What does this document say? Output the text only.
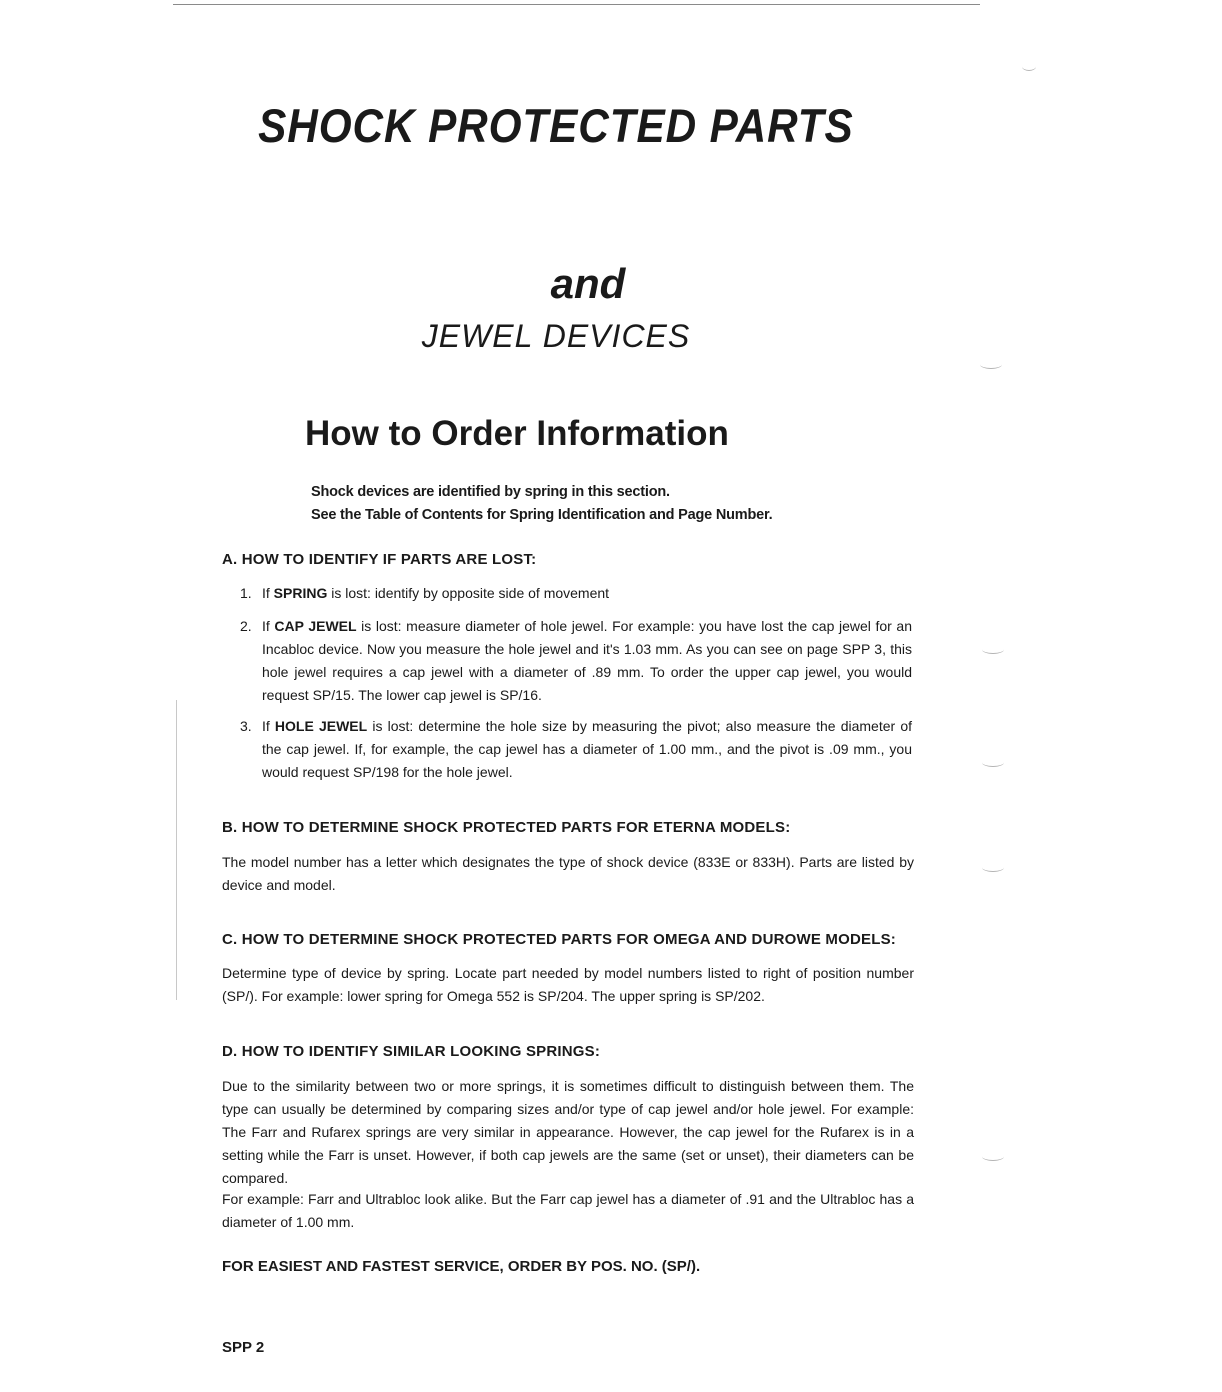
SHOCK PROTECTED PARTS
and
JEWEL DEVICES
How to Order Information
Shock devices are identified by spring in this section.
See the Table of Contents for Spring Identification and Page Number.
A. HOW TO IDENTIFY IF PARTS ARE LOST:
1. If SPRING is lost: identify by opposite side of movement
2. If CAP JEWEL is lost: measure diameter of hole jewel. For example: you have lost the cap jewel for an Incabloc device. Now you measure the hole jewel and it's 1.03 mm. As you can see on page SPP 3, this hole jewel requires a cap jewel with a diameter of .89 mm. To order the upper cap jewel, you would request SP/15. The lower cap jewel is SP/16.
3. If HOLE JEWEL is lost: determine the hole size by measuring the pivot; also measure the diameter of the cap jewel. If, for example, the cap jewel has a diameter of 1.00 mm., and the pivot is .09 mm., you would request SP/198 for the hole jewel.
B. HOW TO DETERMINE SHOCK PROTECTED PARTS FOR ETERNA MODELS:
The model number has a letter which designates the type of shock device (833E or 833H). Parts are listed by device and model.
C. HOW TO DETERMINE SHOCK PROTECTED PARTS FOR OMEGA AND DUROWE MODELS:
Determine type of device by spring. Locate part needed by model numbers listed to right of position number (SP/). For example: lower spring for Omega 552 is SP/204. The upper spring is SP/202.
D. HOW TO IDENTIFY SIMILAR LOOKING SPRINGS:
Due to the similarity between two or more springs, it is sometimes difficult to distinguish between them. The type can usually be determined by comparing sizes and/or type of cap jewel and/or hole jewel. For example: The Farr and Rufarex springs are very similar in appearance. However, the cap jewel for the Rufarex is in a setting while the Farr is unset. However, if both cap jewels are the same (set or unset), their diameters can be compared.
For example: Farr and Ultrabloc look alike. But the Farr cap jewel has a diameter of .91 and the Ultrabloc has a diameter of 1.00 mm.
FOR EASIEST AND FASTEST SERVICE, ORDER BY POS. NO. (SP/).
SPP 2
